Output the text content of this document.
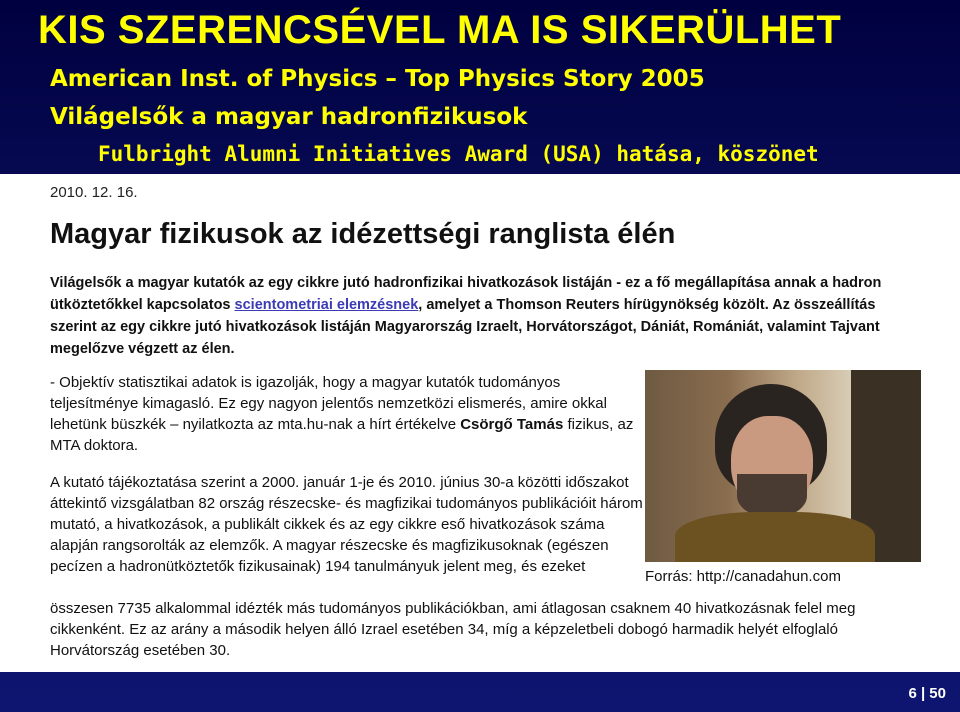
KIS SZERENCSÉVEL MA IS SIKERÜLHET
American Inst. of Physics – Top Physics Story 2005
Világelsők a magyar hadronfizikusok
Fulbright Alumni Initiatives Award (USA) hatása, köszönet
2010. 12. 16.
Magyar fizikusok az idézettségi ranglista élén

Világelsők a magyar kutatók az egy cikkre jutó hadronfizikai hivatkozások listáján - ez a fő megállapítása annak a hadron ütköztetőkkel kapcsolatos scientometriai elemzésnek, amelyet a Thomson Reuters hírügynökség közölt. Az összeállítás szerint az egy cikkre jutó hivatkozások listáján Magyarország Izraelt, Horvátországot, Dániát, Romániát, valamint Tajvant megelőzve végzett az élen.

- Objektív statisztikai adatok is igazolják, hogy a magyar kutatók tudományos teljesítménye kimagasló. Ez egy nagyon jelentős nemzetközi elismerés, amire okkal lehetünk büszkék – nyilatkozta az mta.hu-nak a hírt értékelve Csörgő Tamás fizikus, az MTA doktora.

A kutató tájékoztatása szerint a 2000. január 1-je és 2010. június 30-a közötti időszakot áttekintő vizsgálatban 82 ország részecske- és magfizikai tudományos publikációit három mutató, a hivatkozások, a publikált cikkek és az egy cikkre eső hivatkozások száma alapján rangsorolták az elemzők. A magyar részecske és magfizikusoknak (egészen pecízen a hadronütköztetők fizikusainak) 194 tanulmányuk jelent meg, és ezeket

Forrás: http://canadahun.com

összesen 7735 alkalommal idézték más tudományos publikációkban, ami átlagosan csaknem 40 hivatkozásnak felel meg cikkenként. Ez az arány a második helyen álló Izrael esetében 34, míg a képzeletbeli dobogó harmadik helyét elfoglaló Horvátország esetében 30.

6 | 50
